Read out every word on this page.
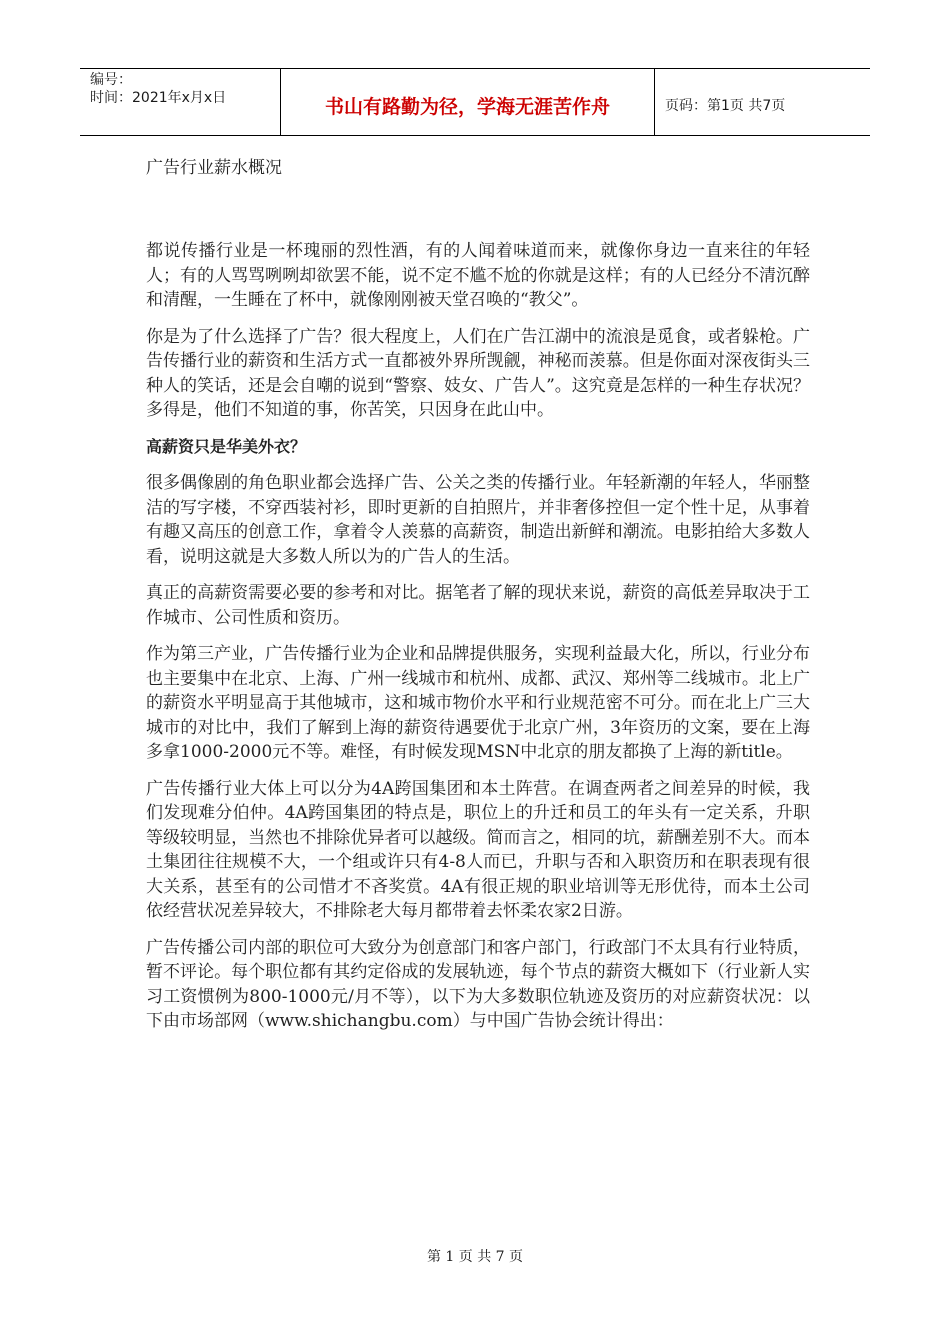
编号：
时间：2021年x月x日	书山有路勤为径，学海无涯苦作舟	页码：第1页 共7页

广告行业薪水概况

都说传播行业是一杯瑰丽的烈性酒，有的人闻着味道而来，就像你身边一直来往的年轻人；有的人骂骂咧咧却欲罢不能，说不定不尴不尬的你就是这样；有的人已经分不清沉醉和清醒，一生睡在了杯中，就像刚刚被天堂召唤的“教父”。

你是为了什么选择了广告？很大程度上，人们在广告江湖中的流浪是觅食，或者躲枪。广告传播行业的薪资和生活方式一直都被外界所觊觎，神秘而羡慕。但是你面对深夜街头三种人的笑话，还是会自嘲的说到“警察、妓女、广告人”。这究竟是怎样的一种生存状况？多得是，他们不知道的事，你苦笑，只因身在此山中。

高薪资只是华美外衣？

很多偶像剧的角色职业都会选择广告、公关之类的传播行业。年轻新潮的年轻人，华丽整洁的写字楼，不穿西装衬衫，即时更新的自拍照片，并非奢侈控但一定个性十足，从事着有趣又高压的创意工作，拿着令人羡慕的高薪资，制造出新鲜和潮流。电影拍给大多数人看，说明这就是大多数人所以为的广告人的生活。

真正的高薪资需要必要的参考和对比。据笔者了解的现状来说，薪资的高低差异取决于工作城市、公司性质和资历。

作为第三产业，广告传播行业为企业和品牌提供服务，实现利益最大化，所以，行业分布也主要集中在北京、上海、广州一线城市和杭州、成都、武汉、郑州等二线城市。北上广的薪资水平明显高于其他城市，这和城市物价水平和行业规范密不可分。而在北上广三大城市的对比中，我们了解到上海的薪资待遇要优于北京广州，3年资历的文案，要在上海多拿1000-2000元不等。难怪，有时候发现MSN中北京的朋友都换了上海的新title。

广告传播行业大体上可以分为4A跨国集团和本土阵营。在调查两者之间差异的时候，我们发现难分伯仲。4A跨国集团的特点是，职位上的升迁和员工的年头有一定关系，升职等级较明显，当然也不排除优异者可以越级。简而言之，相同的坑，薪酬差别不大。而本土集团往往规模不大，一个组或许只有4-8人而已，升职与否和入职资历和在职表现有很大关系，甚至有的公司惜才不吝奖赏。4A有很正规的职业培训等无形优待，而本土公司依经营状况差异较大，不排除老大每月都带着去怀柔农家2日游。

广告传播公司内部的职位可大致分为创意部门和客户部门，行政部门不太具有行业特质，暂不评论。每个职位都有其约定俗成的发展轨迹，每个节点的薪资大概如下（行业新人实习工资惯例为800-1000元/月不等），以下为大多数职位轨迹及资历的对应薪资状况：以下由市场部网（www.shichangbu.com）与中国广告协会统计得出：

第 1 页 共 7 页
